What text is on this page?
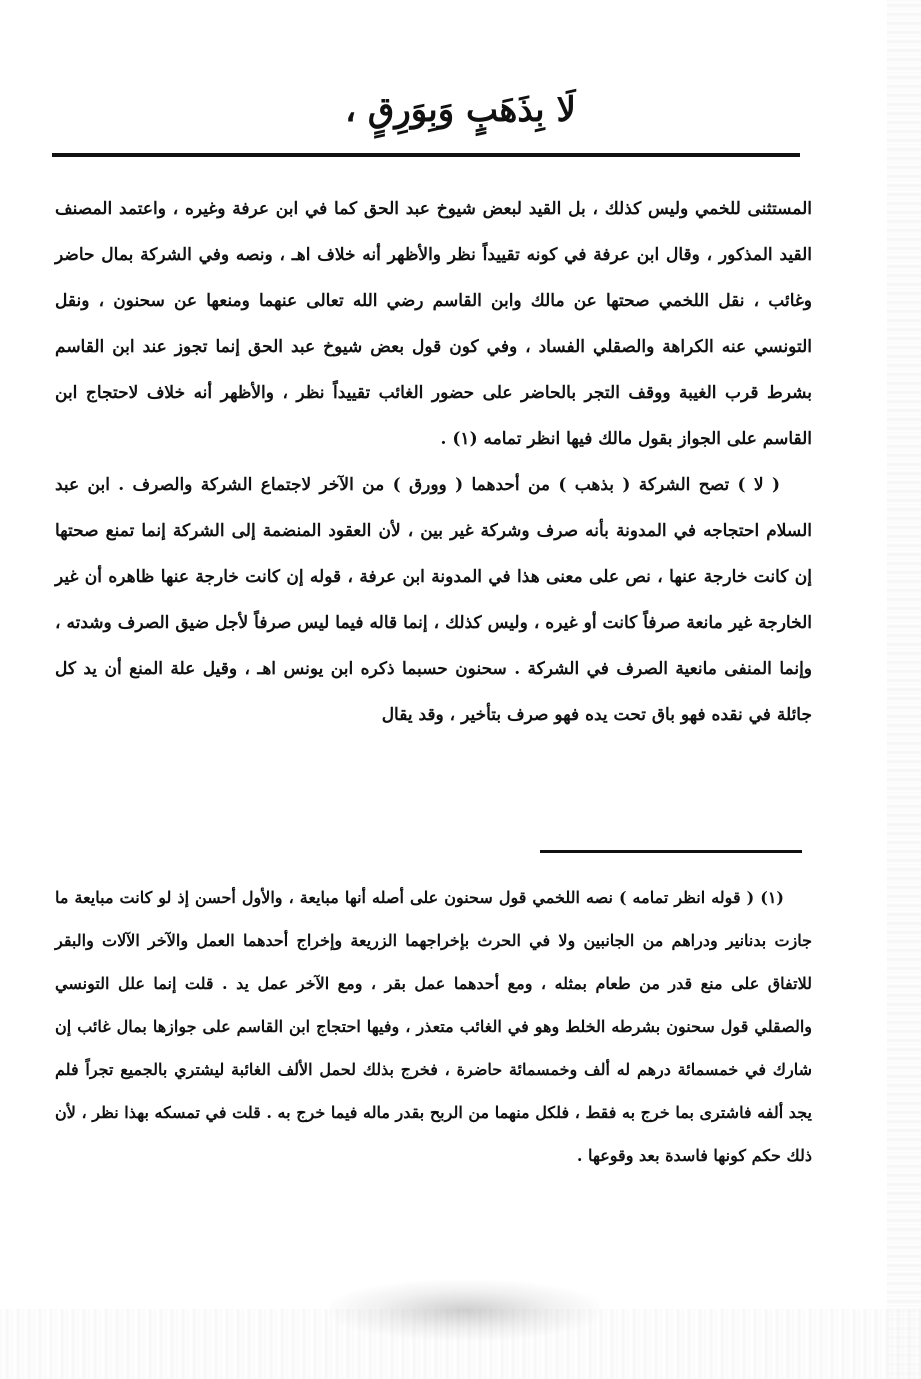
لَا بِذَهَبٍ وَبِوَرِقٍ ،

المستثنى للخمي وليس كذلك ، بل القيد لبعض شيوخ عبد الحق كما في ابن عرفة وغيره ، واعتمد المصنف القيد المذكور ، وقال ابن عرفة في كونه تقييداً نظر والأظهر أنه خلاف اهـ ، ونصه وفي الشركة بمال حاضر وغائب ، نقل اللخمي صحتها عن مالك وابن القاسم رضي الله تعالى عنهما ومنعها عن سحنون ، ونقل التونسي عنه الكراهة والصقلي الفساد ، وفي كون قول بعض شيوخ عبد الحق إنما تجوز عند ابن القاسم بشرط قرب الغيبة ووقف التجر بالحاضر على حضور الغائب تقييداً نظر ، والأظهر أنه خلاف لاحتجاج ابن القاسم على الجواز بقول مالك فيها انظر تمامه (١) .

( لا ) تصح الشركة ( بذهب ) من أحدهما ( وورق ) من الآخر لاجتماع الشركة والصرف . ابن عبد السلام احتجاجه في المدونة بأنه صرف وشركة غير بين ، لأن العقود المنضمة إلى الشركة إنما تمنع صحتها إن كانت خارجة عنها ، نص على معنى هذا في المدونة ابن عرفة ، قوله إن كانت خارجة عنها ظاهره أن غير الخارجة غير مانعة صرفاً كانت أو غيره ، وليس كذلك ، إنما قاله فيما ليس صرفاً لأجل ضيق الصرف وشدته ، وإنما المنفى مانعية الصرف في الشركة . سحنون حسبما ذكره ابن يونس اهـ ، وقيل علة المنع أن يد كل جائلة في نقده فهو باق تحت يده فهو صرف بتأخير ، وقد يقال

(١) ( قوله انظر تمامه ) نصه اللخمي قول سحنون على أصله أنها مبايعة ، والأول أحسن إذ لو كانت مبايعة ما جازت بدنانير ودراهم من الجانبين ولا في الحرث بإخراجهما الزريعة وإخراج أحدهما العمل والآخر الآلات والبقر للاتفاق على منع قدر من طعام بمثله ، ومع أحدهما عمل بقر ، ومع الآخر عمل يد . قلت إنما علل التونسي والصقلي قول سحنون بشرطه الخلط وهو في الغائب متعذر ، وفيها احتجاج ابن القاسم على جوازها بمال غائب إن شارك في خمسمائة درهم له ألف وخمسمائة حاضرة ، فخرج بذلك لحمل الألف الغائبة ليشتري بالجميع تجراً فلم يجد ألفه فاشترى بما خرج به فقط ، فلكل منهما من الربح بقدر ماله فيما خرج به . قلت في تمسكه بهذا نظر ، لأن ذلك حكم كونها فاسدة بعد وقوعها .
